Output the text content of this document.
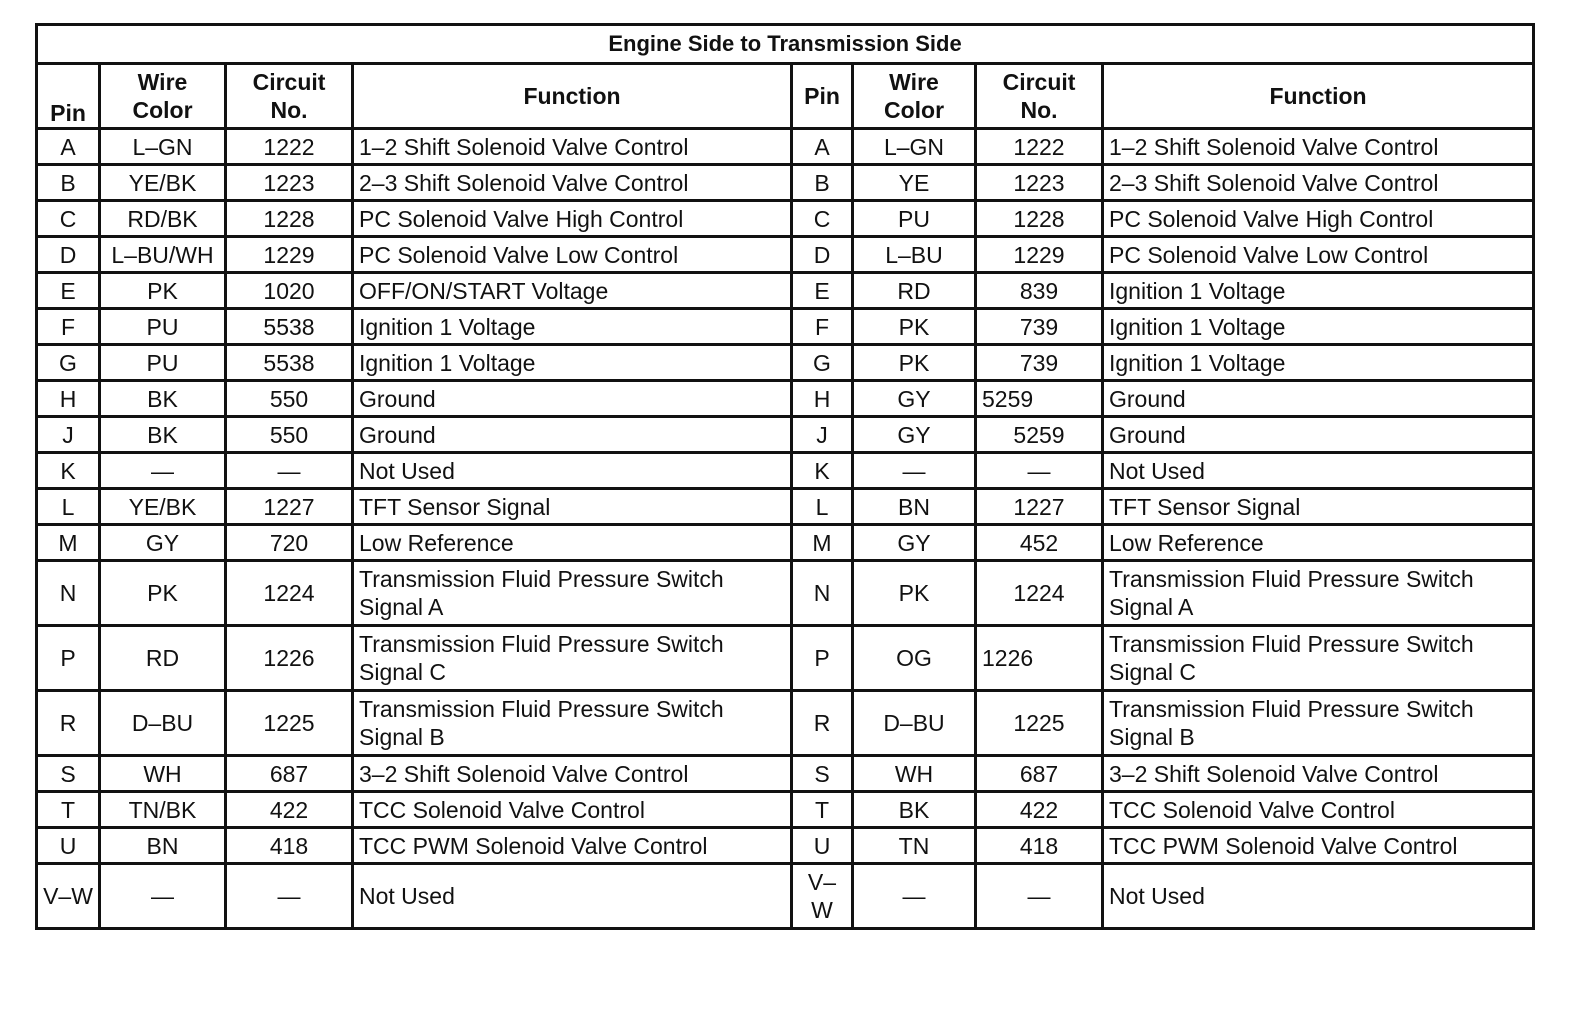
Engine Side to Transmission Side							
Pin	Wire Color	Circuit No.	Function	Pin	Wire Color	Circuit No.	Function
A	L–GN	1222	1–2 Shift Solenoid Valve Control	A	L–GN	1222	1–2 Shift Solenoid Valve Control
B	YE/BK	1223	2–3 Shift Solenoid Valve Control	B	YE	1223	2–3 Shift Solenoid Valve Control
C	RD/BK	1228	PC Solenoid Valve High Control	C	PU	1228	PC Solenoid Valve High Control
D	L–BU/WH	1229	PC Solenoid Valve Low Control	D	L–BU	1229	PC Solenoid Valve Low Control
E	PK	1020	OFF/ON/START Voltage	E	RD	839	Ignition 1 Voltage
F	PU	5538	Ignition 1 Voltage	F	PK	739	Ignition 1 Voltage
G	PU	5538	Ignition 1 Voltage	G	PK	739	Ignition 1 Voltage
H	BK	550	Ground	H	GY	5259	Ground
J	BK	550	Ground	J	GY	5259	Ground
K	—	—	Not Used	K	—	—	Not Used
L	YE/BK	1227	TFT Sensor Signal	L	BN	1227	TFT Sensor Signal
M	GY	720	Low Reference	M	GY	452	Low Reference
N	PK	1224	Transmission Fluid Pressure Switch Signal A	N	PK	1224	Transmission Fluid Pressure Switch Signal A
P	RD	1226	Transmission Fluid Pressure Switch Signal C	P	OG	1226	Transmission Fluid Pressure Switch Signal C
R	D–BU	1225	Transmission Fluid Pressure Switch Signal B	R	D–BU	1225	Transmission Fluid Pressure Switch Signal B
S	WH	687	3–2 Shift Solenoid Valve Control	S	WH	687	3–2 Shift Solenoid Valve Control
T	TN/BK	422	TCC Solenoid Valve Control	T	BK	422	TCC Solenoid Valve Control
U	BN	418	TCC PWM Solenoid Valve Control	U	TN	418	TCC PWM Solenoid Valve Control
V–W	—	—	Not Used	V–W	—	—	Not Used
